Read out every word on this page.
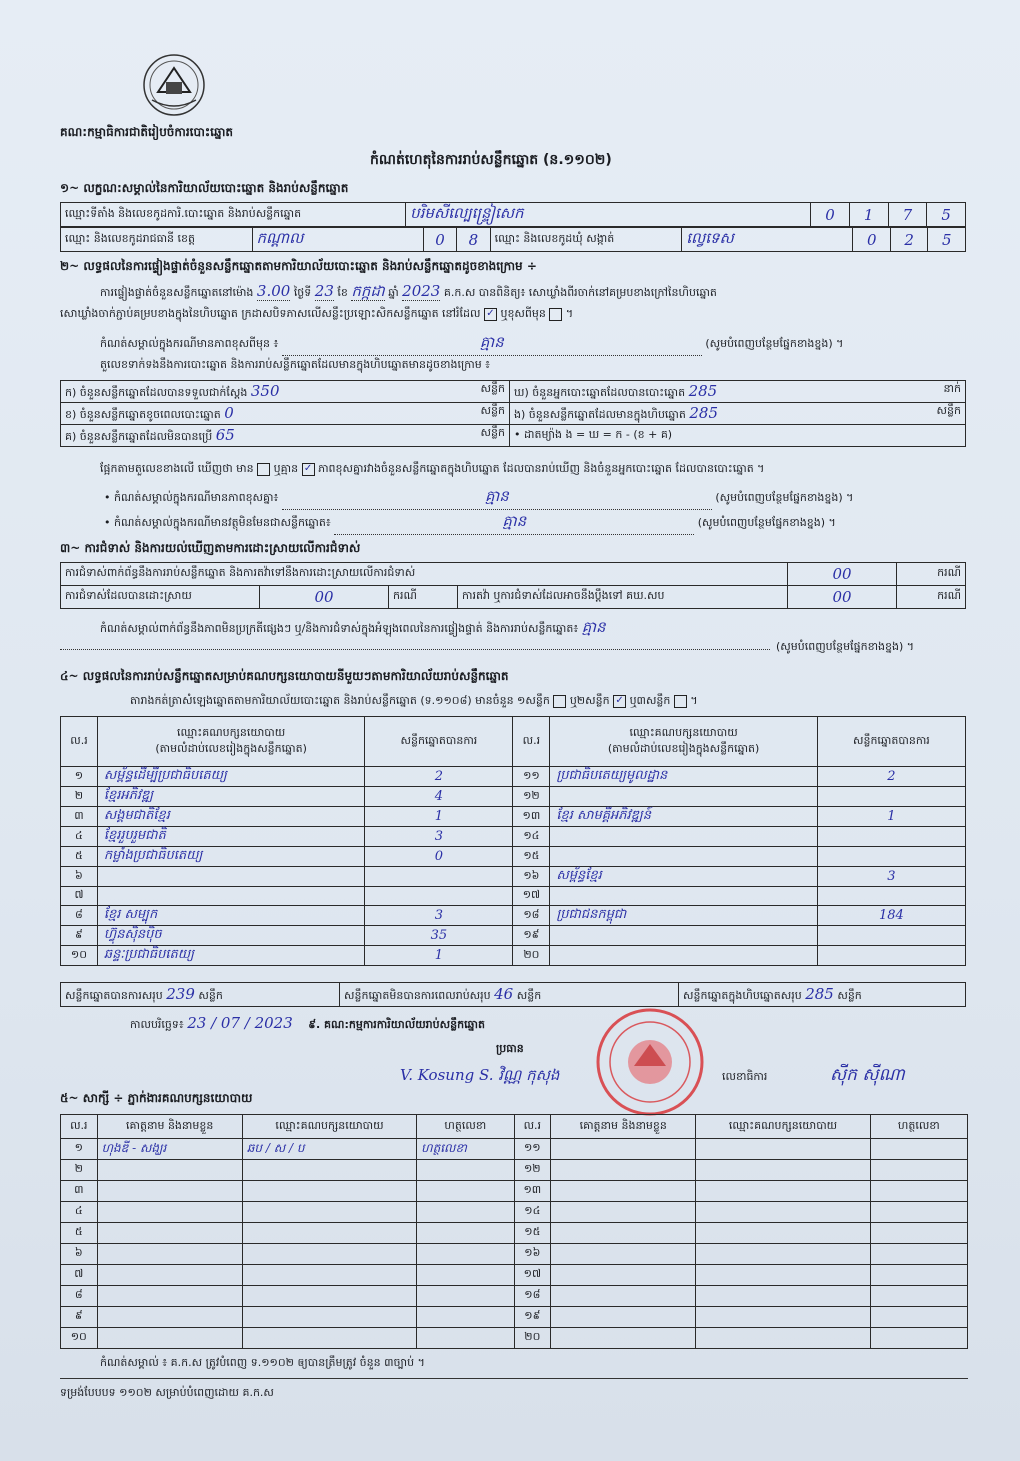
គណ:កម្មាធិការជាតិរៀបចំការបោះឆ្នោត
កំណត់ហេតុនៃការរាប់សន្លឹកឆ្នោត (ន.១១០២)
១~ លក្ខណ:សម្គាល់នៃការិយាល័យបោះឆ្នោត និងរាប់សន្លឹកឆ្នោត
ឈ្មោះទីតាំង និងលេខកូដការិ.បោះឆ្នោត និងរាប់សន្លឹកឆ្នោត	បរិមសីល្បេន្ទ្រៀសេក	0	1	7	5
ឈ្មោះ និងលេខកូដរាជធានី ខេត្ត	កណ្តាល	0	8	ឈ្មោះ និងលេខកូដឃុំ សង្កាត់	ល្វេទេស	0	2	5
២~ លទ្ធផលនៃការផ្ទៀងផ្ទាត់ចំនួនសន្លឹកឆ្នោតតាមការិយាល័យបោះឆ្នោត និងរាប់សន្លឹកឆ្នោតដូចខាងក្រោម ÷
ការផ្ទៀងផ្ទាត់ចំនួនសន្លឹកឆ្នោតនៅម៉ោង 3.00 ថ្ងៃទី 23 ខែ កក្កដា ឆ្នាំ 2023 គ.ក.ស បានពិនិត្យ៖ សោឃ្លាំងពីរចាក់នៅគម្របខាងក្រៅនៃហិបឆ្នោត
សោឃ្លាំងចាក់ភ្ជាប់គម្របខាងក្នុងនៃហិបឆ្នោត ក្រដាសបិទភាសលើសន្លឹះប្រឡោះសិកសន្លឹកឆ្នោត នៅរំដែល ✓ ឬខុសពីមុន  ។
កំណត់សម្គាល់ក្នុងករណីមានភាពខុសពីមុន ៖	គ្មាន	(សូមបំពេញបន្ថែមផ្នែកខាងខ្នង) ។
តួលេខទាក់ទងនឹងការបោះឆ្នោត និងការរាប់សន្លឹកឆ្នោតដែលមានក្នុងហិបឆ្នោតមានដូចខាងក្រោម ៖
ក) ចំនួនសន្លឹកឆ្នោតដែលបានទទួលជាក់ស្តែង 350 សន្លឹក	ឃ) ចំនួនអ្នកបោះឆ្នោតដែលបានបោះឆ្នោត 285 នាក់

ខ) ចំនួនសន្លឹកឆ្នោតខូចពេលបោះឆ្នោត 0 សន្លឹក	ង) ចំនួនសន្លឹកឆ្នោតដែលមានក្នុងហិបឆ្នោត 285 សន្លឹក

គ) ចំនួនសន្លឹកឆ្នោតដែលមិនបានប្រើ 65 សន្លឹក	• ដាតម្យ៉ាង ង = ឃ = ក - (ខ + គ)
ផ្អែកតាមតួលេខខាងលើ ឃើញថា មាន ឬគ្មាន ✓ ភាពខុសគ្នារវាងចំនួនសន្លឹកឆ្នោតក្នុងហិបឆ្នោត ដែលបានរាប់ឃើញ និងចំនួនអ្នកបោះឆ្នោត ដែលបានបោះឆ្នោត ។
• កំណត់សម្គាល់ក្នុងករណីមានភាពខុសគ្នា៖	គ្មាន	(សូមបំពេញបន្ថែមផ្នែកខាងខ្នង) ។
• កំណត់សម្គាល់ក្នុងករណីមានវត្ថុមិនមែនជាសន្លឹកឆ្នោត៖	គ្មាន	(សូមបំពេញបន្ថែមផ្នែកខាងខ្នង) ។
៣~ ការជំទាស់ និងការយល់ឃើញតាមការដោះស្រាយលើការជំទាស់
ការជំទាស់ពាក់ព័ន្ធនឹងការរាប់សន្លឹកឆ្នោត និងការតវ៉ាទៅនឹងការដោះស្រាយលើការជំទាស់				00	ករណី
ការជំទាស់ដែលបានដោះស្រាយ	00	ករណី	ការតវ៉ា ឬការជំទាស់ដែលអាចនឹងប្តឹងទៅ គឃ.សប	00	ករណី
កំណត់សម្គាល់ពាក់ព័ន្ធនឹងភាពមិនប្រក្រតីផ្សេងៗ ឬ/និងការជំទាស់ក្នុងអំឡុងពេលនៃការផ្ទៀងផ្ទាត់ និងការរាប់សន្លឹកឆ្នោត៖ គ្មាន
(សូមបំពេញបន្ថែមផ្នែកខាងខ្នង) ។
៤~ លទ្ធផលនៃការរាប់សន្លឹកឆ្នោតសម្រាប់គណបក្សនយោបាយនីមួយៗតាមការិយាល័យរាប់សន្លឹកឆ្នោត
តារាងកត់ត្រាសំឡេងឆ្នោតតាមការិយាល័យបោះឆ្នោត និងរាប់សន្លឹកឆ្នោត (ទ.១១០៨) មានចំនួន ១សន្លឹក ឬ២សន្លឹក ✓ ឬ៣សន្លឹក ។
ល.រ	ឈ្មោះគណបក្សនយោបាយ
(តាមលំដាប់លេខរៀងក្នុងសន្លឹកឆ្នោត)	សន្លឹកឆ្នោតបានការ	ល.រ	ឈ្មោះគណបក្សនយោបាយ
(តាមលំដាប់លេខរៀងក្នុងសន្លឹកឆ្នោត)	សន្លឹកឆ្នោតបានការ
១	សម្ព័ន្ធដើម្បីប្រជាធិបតេយ្យ	2	១១	ប្រជាធិបតេយ្យមូលដ្ឋាន	2
២	ខ្មែរអភិវឌ្ឍ	4	១២		
៣	សង្គមជាតិខ្មែរ	1	១៣	ខ្មែរ សាមគ្គីអភិវឌ្ឍន៍	1
៤	ខ្មែររួបរួមជាតិ	3	១៤		
៥	កម្លាំងប្រជាធិបតេយ្យ	0	១៥		
៦			១៦	សម្ព័ន្ធខ្មែរ	3
៧			១៧		
៨	ខ្មែរ សម្បុក	3	១៨	ប្រជាជនកម្ពុជា	184
៩	ហ៊្វុនស៊ិនប៉ិច	35	១៩		
១០	ឆន្ទៈប្រជាធិបតេយ្យ	1	២០		
សន្លឹកឆ្នោតបានការសរុប 239 សន្លឹក	សន្លឹកឆ្នោតមិនបានការពេលរាប់សរុប 46 សន្លឹក	សន្លឹកឆ្នោតក្នុងហិបឆ្នោតសរុប 285 សន្លឹក
កាលបរិច្ឆេទ៖ 23 / 07 / 2023 ៩. គណ:កម្មការការិយាល័យរាប់សន្លឹកឆ្នោត
ប្រធាន
V. Kosung S. វិណ្ណ កុសុង	លេខាធិការ	សុីក ស៊ីណា
៥~ សាក្សី ÷ ភ្នាក់ងារគណបក្សនយោបាយ
ល.រ	គោត្តនាម និងនាមខ្លួន	ឈ្មោះគណបក្សនយោបាយ	ហត្ថលេខា	ល.រ	គោត្តនាម និងនាមខ្លួន	ឈ្មោះគណបក្សនយោបាយ	ហត្ថលេខា
១	ហុងឌី - សង្ឃរ	ឆប / ស / ប	ហត្ថលេខា	១១			
២				១២			
៣				១៣			
៤				១៤			
៥				១៥			
៦				១៦			
៧				១៧			
៨				១៨			
៩				១៩			
១០				២០			
កំណត់សម្គាល់ ៖ គ.ក.ស ត្រូវបំពេញ ទ.១១០២ ឲ្យបានត្រឹមត្រូវ ចំនួន ៣ច្បាប់ ។
ទម្រង់បែបបទ ១១០២ សម្រាប់បំពេញដោយ គ.ក.ស
